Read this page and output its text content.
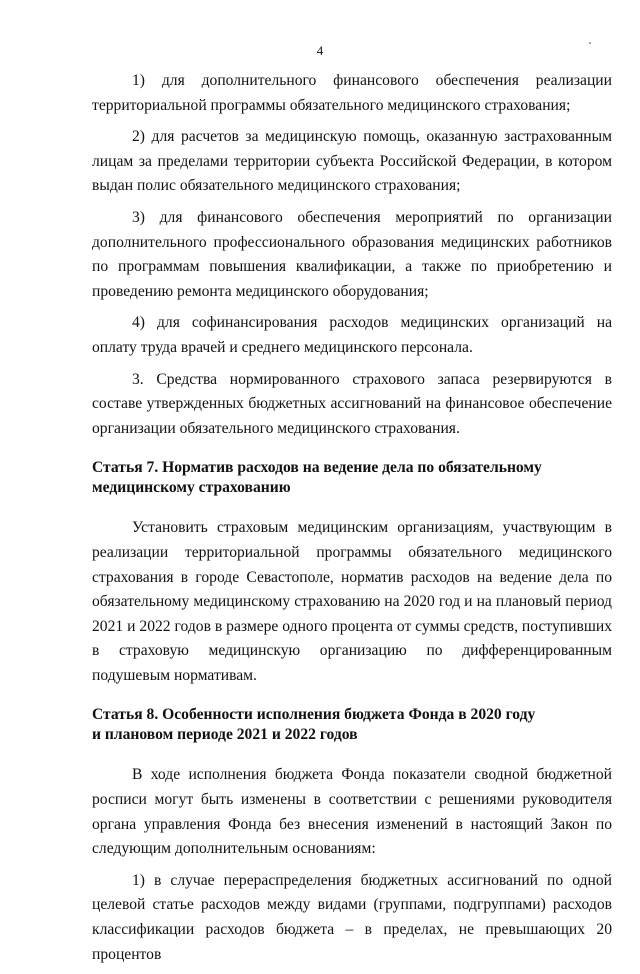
4

1) для дополнительного финансового обеспечения реализации территориальной программы обязательного медицинского страхования;

2) для расчетов за медицинскую помощь, оказанную застрахованным лицам за пределами территории субъекта Российской Федерации, в котором выдан полис обязательного медицинского страхования;

3) для финансового обеспечения мероприятий по организации дополнительного профессионального образования медицинских работников по программам повышения квалификации, а также по приобретению и проведению ремонта медицинского оборудования;

4) для софинансирования расходов медицинских организаций на оплату труда врачей и среднего медицинского персонала.

3. Средства нормированного страхового запаса резервируются в составе утвержденных бюджетных ассигнований на финансовое обеспечение организации обязательного медицинского страхования.

Статья 7. Норматив расходов на ведение дела по обязательному
медицинскому страхованию

Установить страховым медицинским организациям, участвующим в реализации территориальной программы обязательного медицинского страхования в городе Севастополе, норматив расходов на ведение дела по обязательному медицинскому страхованию на 2020 год и на плановый период 2021 и 2022 годов в размере одного процента от суммы средств, поступивших в страховую медицинскую организацию по дифференцированным подушевым нормативам.

Статья 8. Особенности исполнения бюджета Фонда в 2020 году
и плановом периоде 2021 и 2022 годов

В ходе исполнения бюджета Фонда показатели сводной бюджетной росписи могут быть изменены в соответствии с решениями руководителя органа управления Фонда без внесения изменений в настоящий Закон по следующим дополнительным основаниям:

1) в случае перераспределения бюджетных ассигнований по одной целевой статье расходов между видами (группами, подгруппами) расходов классификации расходов бюджета – в пределах, не превышающих 20 процентов
